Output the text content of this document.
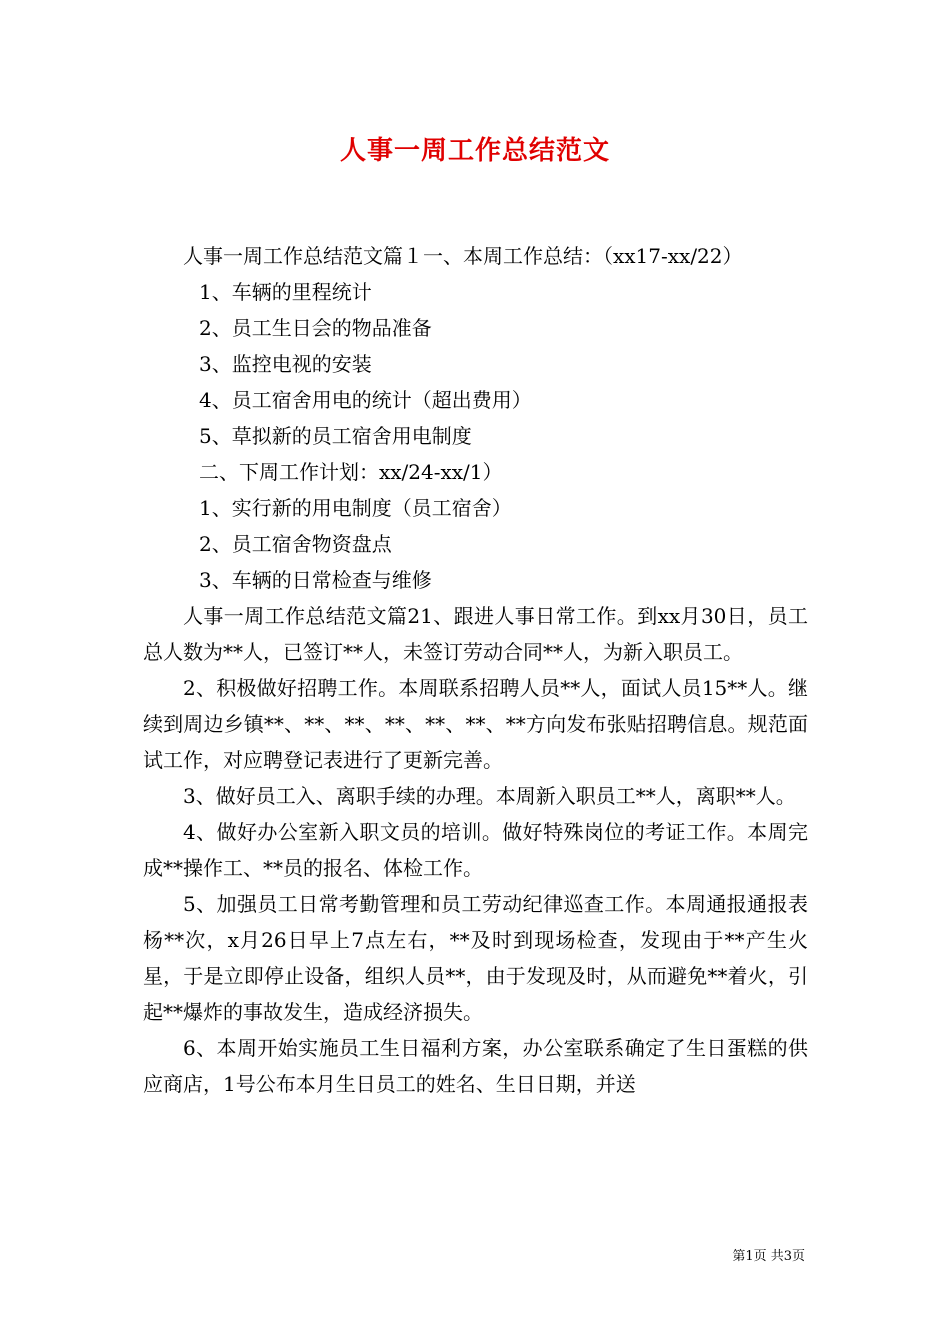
人事一周工作总结范文

人事一周工作总结范文篇１一、本周工作总结：（xx17-xx/22）

1、车辆的里程统计

2、员工生日会的物品准备

3、监控电视的安装

4、员工宿舍用电的统计（超出费用）

5、草拟新的员工宿舍用电制度

二、下周工作计划：xx/24-xx/1）

1、实行新的用电制度（员工宿舍）

2、员工宿舍物资盘点

3、车辆的日常检查与维修

人事一周工作总结范文篇21、跟进人事日常工作。到xx月30日，员工总人数为**人，已签订**人，未签订劳动合同**人，为新入职员工。

2、积极做好招聘工作。本周联系招聘人员**人，面试人员15**人。继续到周边乡镇**、**、**、**、**、**、**方向发布张贴招聘信息。规范面试工作，对应聘登记表进行了更新完善。

3、做好员工入、离职手续的办理。本周新入职员工**人，离职**人。

4、做好办公室新入职文员的培训。做好特殊岗位的考证工作。本周完成**操作工、**员的报名、体检工作。

5、加强员工日常考勤管理和员工劳动纪律巡查工作。本周通报通报表杨**次，x月26日早上7点左右，**及时到现场检查，发现由于**产生火星，于是立即停止设备，组织人员**，由于发现及时，从而避免**着火，引起**爆炸的事故发生，造成经济损失。

6、本周开始实施员工生日福利方案，办公室联系确定了生日蛋糕的供应商店，1号公布本月生日员工的姓名、生日日期，并送

第1页 共3页
